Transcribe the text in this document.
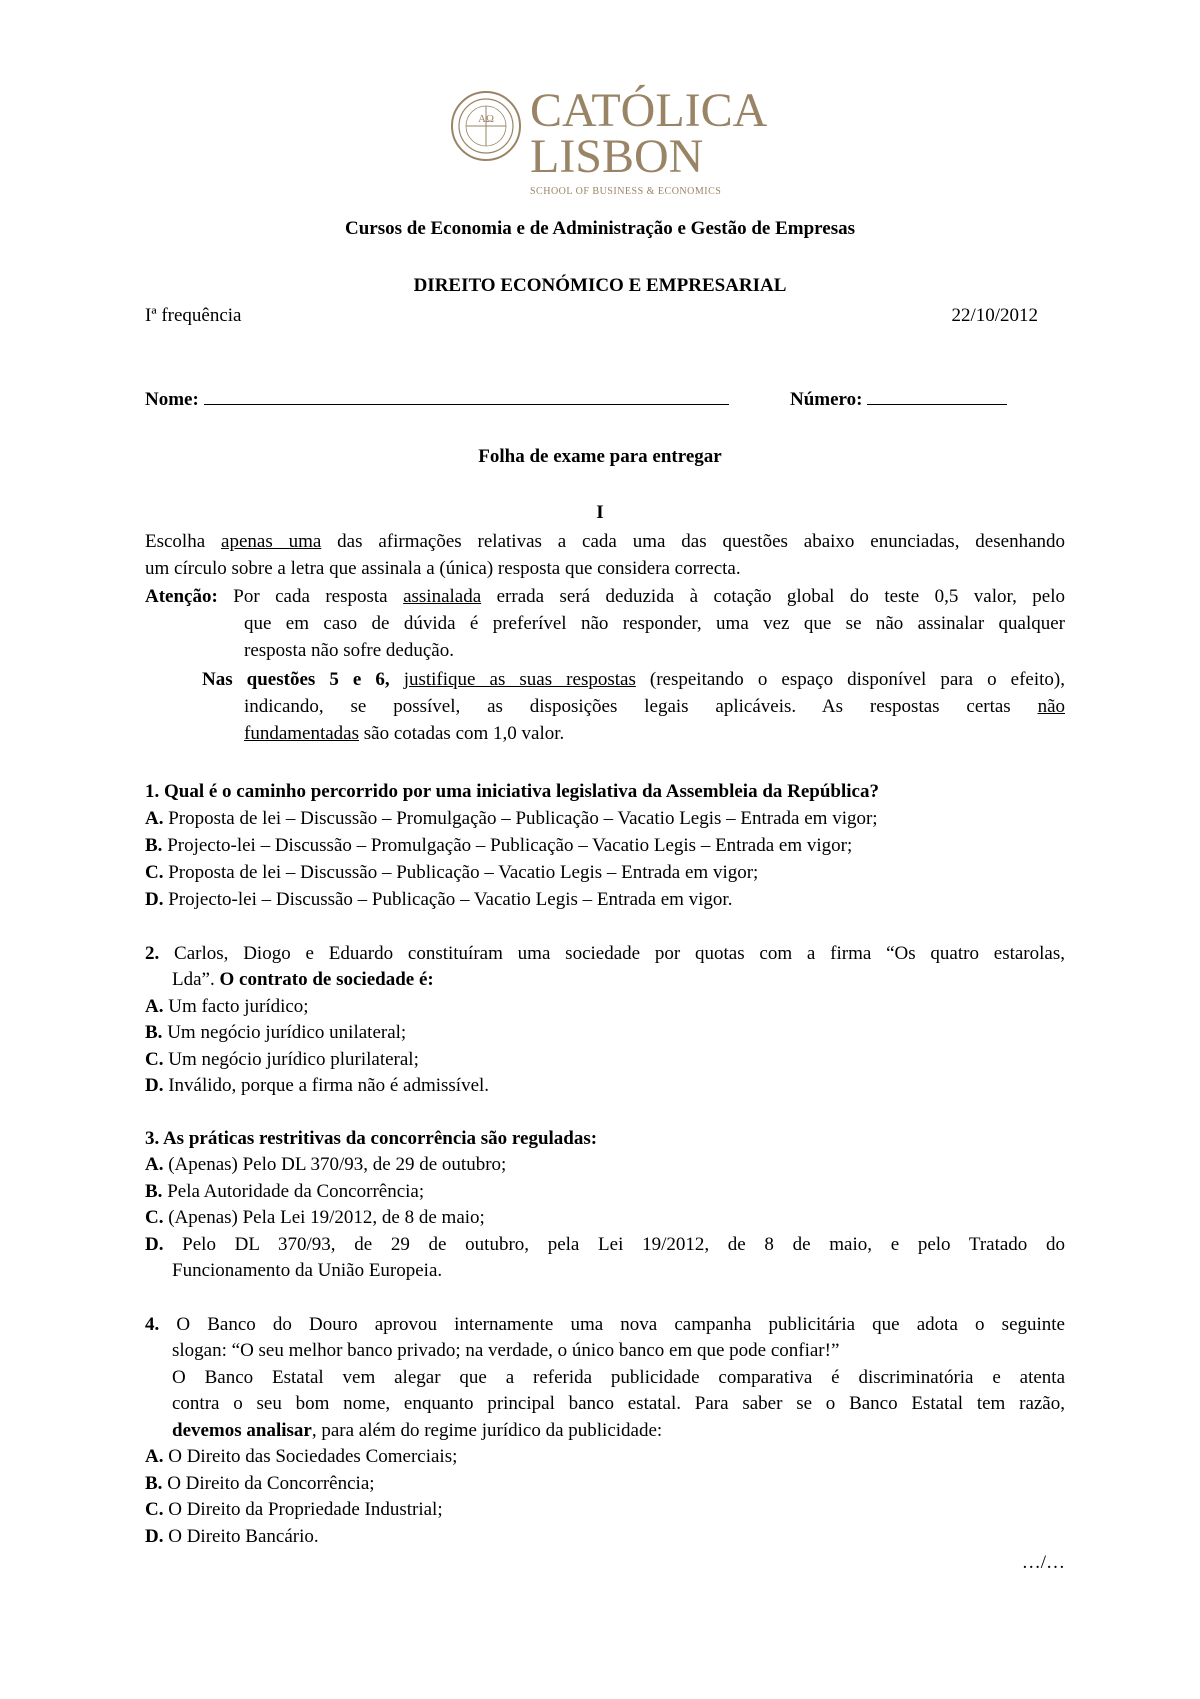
AΩ CATÓLICA
LISBON
SCHOOL OF BUSINESS & ECONOMICS
Cursos de Economia e de Administração e Gestão de Empresas
DIREITO ECONÓMICO E EMPRESARIAL
Iª frequência	22/10/2012
Nome:	Número:
Folha de exame para entregar
I
Escolha apenas uma das afirmações relativas a cada uma das questões abaixo enunciadas, desenhando
um círculo sobre a letra que assinala a (única) resposta que considera correcta.
Atenção: Por cada resposta assinalada errada será deduzida à cotação global do teste 0,5 valor, pelo
que em caso de dúvida é preferível não responder, uma vez que se não assinalar qualquer
resposta não sofre dedução.
Nas questões 5 e 6, justifique as suas respostas (respeitando o espaço disponível para o efeito),
indicando, se possível, as disposições legais aplicáveis. As respostas certas não
fundamentadas são cotadas com 1,0 valor.
1. Qual é o caminho percorrido por uma iniciativa legislativa da Assembleia da República?
A. Proposta de lei – Discussão – Promulgação – Publicação – Vacatio Legis – Entrada em vigor;
B. Projecto-lei – Discussão – Promulgação – Publicação – Vacatio Legis – Entrada em vigor;
C. Proposta de lei – Discussão – Publicação – Vacatio Legis – Entrada em vigor;
D. Projecto-lei – Discussão – Publicação – Vacatio Legis – Entrada em vigor.
2. Carlos, Diogo e Eduardo constituíram uma sociedade por quotas com a firma “Os quatro estarolas,
Lda”. O contrato de sociedade é:
A. Um facto jurídico;
B. Um negócio jurídico unilateral;
C. Um negócio jurídico plurilateral;
D. Inválido, porque a firma não é admissível.
3. As práticas restritivas da concorrência são reguladas:
A. (Apenas) Pelo DL 370/93, de 29 de outubro;
B. Pela Autoridade da Concorrência;
C. (Apenas) Pela Lei 19/2012, de 8 de maio;
D. Pelo DL 370/93, de 29 de outubro, pela Lei 19/2012, de 8 de maio, e pelo Tratado do
Funcionamento da União Europeia.
4. O Banco do Douro aprovou internamente uma nova campanha publicitária que adota o seguinte
slogan: “O seu melhor banco privado; na verdade, o único banco em que pode confiar!”
O Banco Estatal vem alegar que a referida publicidade comparativa é discriminatória e atenta
contra o seu bom nome, enquanto principal banco estatal. Para saber se o Banco Estatal tem razão,
devemos analisar, para além do regime jurídico da publicidade:
A. O Direito das Sociedades Comerciais;
B. O Direito da Concorrência;
C. O Direito da Propriedade Industrial;
D. O Direito Bancário.
…/…
